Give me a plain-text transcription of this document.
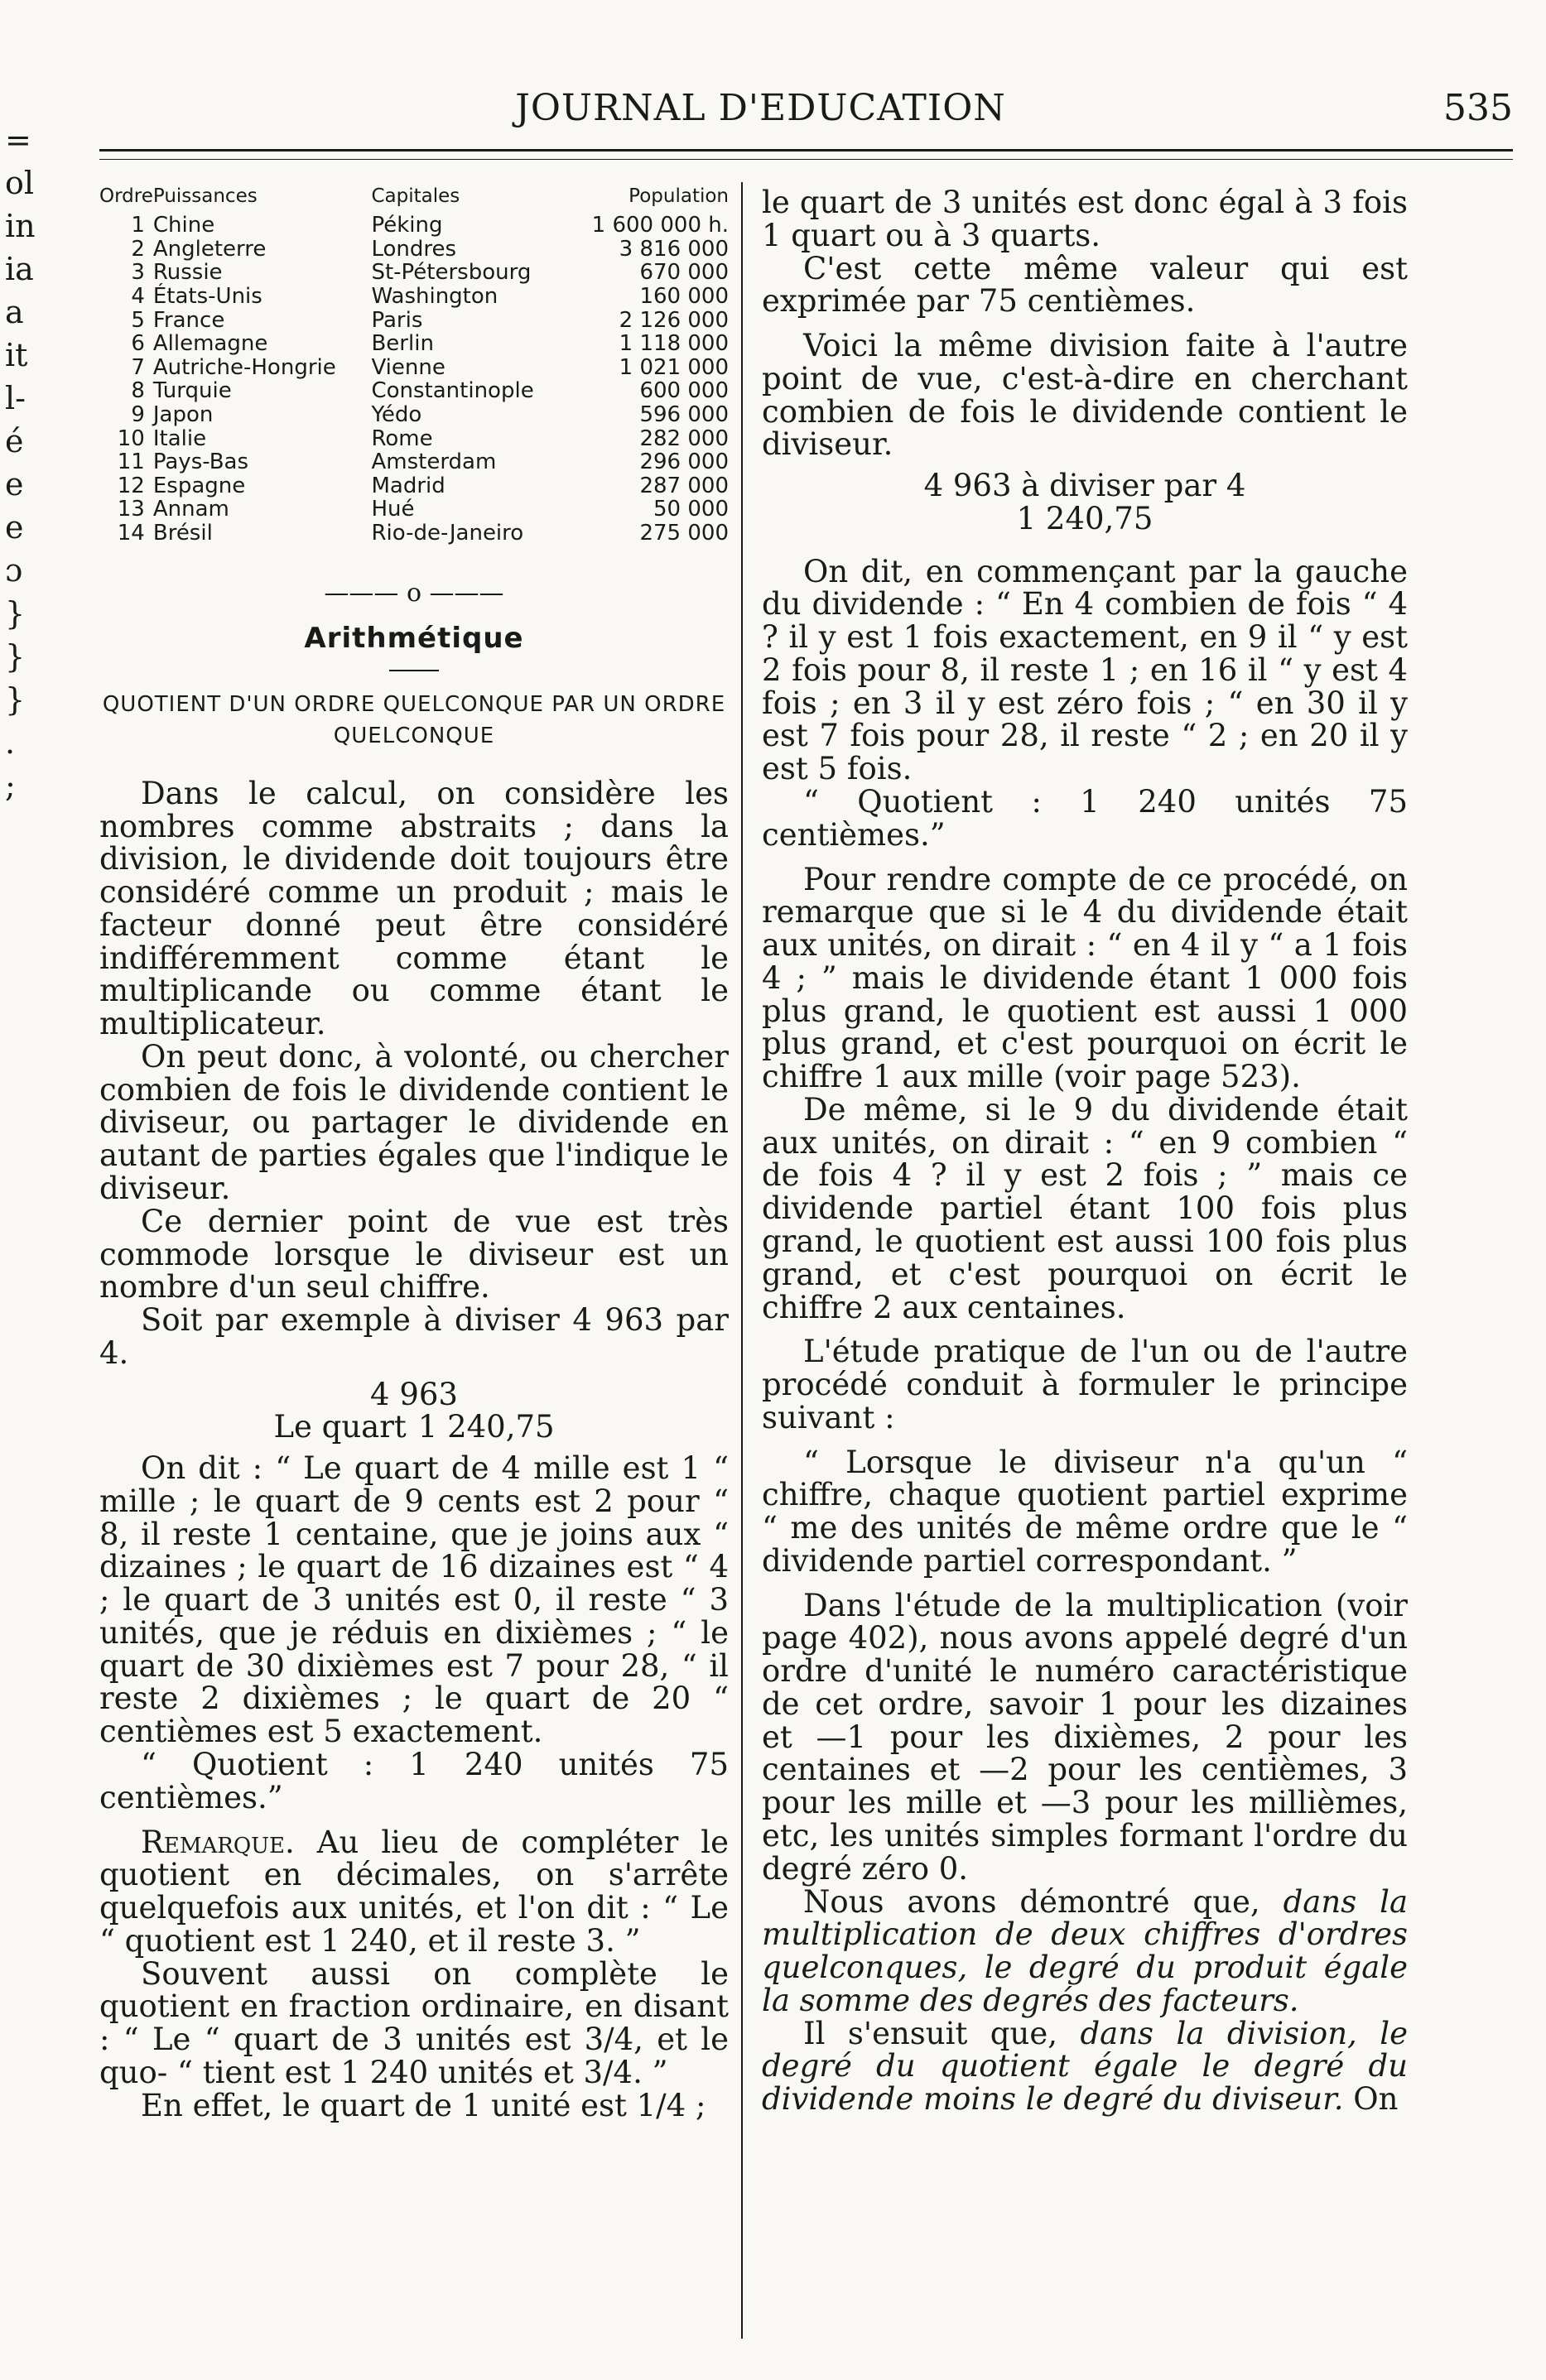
=
ol
in
ia
a
it
l-
é
e
e
ɔ
}
}
}
.
;
JOURNAL D'EDUCATION	535
Ordre	Puissances	Capitales	Population
1	Chine	Péking	1 600 000 h.
2	Angleterre	Londres	3 816 000
3	Russie	St-Pétersbourg	670 000
4	États-Unis	Washington	160 000
5	France	Paris	2 126 000
6	Allemagne	Berlin	1 118 000
7	Autriche-Hongrie	Vienne	1 021 000
8	Turquie	Constantinople	600 000
9	Japon	Yédo	596 000
10	Italie	Rome	282 000
11	Pays-Bas	Amsterdam	296 000
12	Espagne	Madrid	287 000
13	Annam	Hué	50 000
14	Brésil	Rio-de-Janeiro	275 000
——— o ———
Arithmétique
QUOTIENT D'UN ORDRE QUELCONQUE PAR UN ORDRE QUELCONQUE

Dans le calcul, on considère les nombres comme abstraits ; dans la division, le dividende doit toujours être considéré comme un produit ; mais le facteur donné peut être considéré indifféremment comme étant le multiplicande ou comme étant le multiplicateur.

On peut donc, à volonté, ou chercher combien de fois le dividende contient le diviseur, ou partager le dividende en autant de parties égales que l'indique le diviseur.

Ce dernier point de vue est très commode lorsque le diviseur est un nombre d'un seul chiffre.

Soit par exemple à diviser 4 963 par 4.

4 963
Le quart 1 240,75

On dit : “ Le quart de 4 mille est 1 “ mille ; le quart de 9 cents est 2 pour “ 8, il reste 1 centaine, que je joins aux “ dizaines ; le quart de 16 dizaines est “ 4 ; le quart de 3 unités est 0, il reste “ 3 unités, que je réduis en dixièmes ; “ le quart de 30 dixièmes est 7 pour 28, “ il reste 2 dixièmes ; le quart de 20 “ centièmes est 5 exactement.

“ Quotient : 1 240 unités 75 centièmes.”

Remarque. Au lieu de compléter le quotient en décimales, on s'arrête quelquefois aux unités, et l'on dit : “ Le “ quotient est 1 240, et il reste 3. ”

Souvent aussi on complète le quotient en fraction ordinaire, en disant : “ Le “ quart de 3 unités est 3/4, et le quo- “ tient est 1 240 unités et 3/4. ”

En effet, le quart de 1 unité est 1/4 ;

le quart de 3 unités est donc égal à 3 fois 1 quart ou à 3 quarts.

C'est cette même valeur qui est exprimée par 75 centièmes.

Voici la même division faite à l'autre point de vue, c'est-à-dire en cherchant combien de fois le dividende contient le diviseur.

4 963 à diviser par 4
1 240,75

On dit, en commençant par la gauche du dividende : “ En 4 combien de fois “ 4 ? il y est 1 fois exactement, en 9 il “ y est 2 fois pour 8, il reste 1 ; en 16 il “ y est 4 fois ; en 3 il y est zéro fois ; “ en 30 il y est 7 fois pour 28, il reste “ 2 ; en 20 il y est 5 fois.

“ Quotient : 1 240 unités 75 centièmes.”

Pour rendre compte de ce procédé, on remarque que si le 4 du dividende était aux unités, on dirait : “ en 4 il y “ a 1 fois 4 ; ” mais le dividende étant 1 000 fois plus grand, le quotient est aussi 1 000 plus grand, et c'est pourquoi on écrit le chiffre 1 aux mille (voir page 523).

De même, si le 9 du dividende était aux unités, on dirait : “ en 9 combien “ de fois 4 ? il y est 2 fois ; ” mais ce dividende partiel étant 100 fois plus grand, le quotient est aussi 100 fois plus grand, et c'est pourquoi on écrit le chiffre 2 aux centaines.

L'étude pratique de l'un ou de l'autre procédé conduit à formuler le principe suivant :

“ Lorsque le diviseur n'a qu'un “ chiffre, chaque quotient partiel exprime “ me des unités de même ordre que le “ dividende partiel correspondant. ”

Dans l'étude de la multiplication (voir page 402), nous avons appelé degré d'un ordre d'unité le numéro caractéristique de cet ordre, savoir 1 pour les dizaines et —1 pour les dixièmes, 2 pour les centaines et —2 pour les centièmes, 3 pour les mille et —3 pour les millièmes, etc, les unités simples formant l'ordre du degré zéro 0.

Nous avons démontré que, dans la multiplication de deux chiffres d'ordres quelconques, le degré du produit égale la somme des degrés des facteurs.

Il s'ensuit que, dans la division, le degré du quotient égale le degré du dividende moins le degré du diviseur. On
